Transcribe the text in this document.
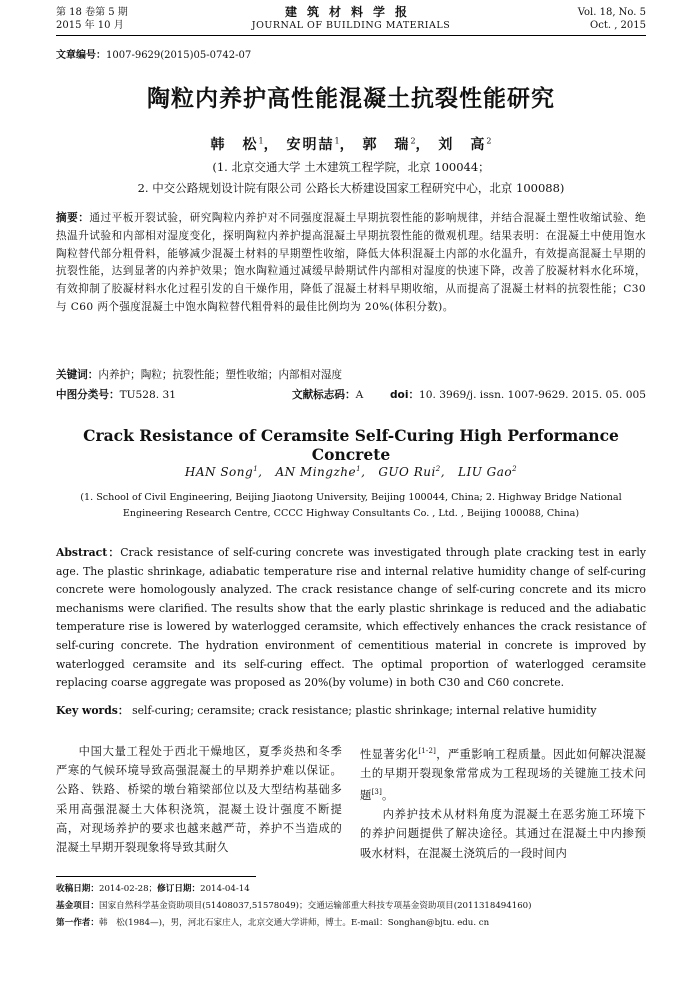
第 18 卷第 5 期
2015 年 10 月
建筑材料学报
JOURNAL OF BUILDING MATERIALS
Vol. 18, No. 5
Oct. , 2015
文章编号：1007-9629(2015)05-0742-07
陶粒内养护高性能混凝土抗裂性能研究
韩　松$^1$， 安明喆$^1$， 郭　瑞$^2$， 刘　高$^2$
(1. 北京交通大学 土木建筑工程学院，北京 100044；
2. 中交公路规划设计院有限公司 公路长大桥建设国家工程研究中心，北京 100088)
摘要：通过平板开裂试验，研究陶粒内养护对不同强度混凝土早期抗裂性能的影响规律，并结合混凝土塑性收缩试验、绝热温升试验和内部相对湿度变化，探明陶粒内养护提高混凝土早期抗裂性能的微观机理。结果表明：在混凝土中使用饱水陶粒替代部分粗骨料，能够减少混凝土材料的早期塑性收缩，降低大体积混凝土内部的水化温升，有效提高混凝土早期的抗裂性能，达到显著的内养护效果；饱水陶粒通过减缓早龄期试件内部相对湿度的快速下降，改善了胶凝材料水化环境，有效抑制了胶凝材料水化过程引发的自干燥作用，降低了混凝土材料早期收缩，从而提高了混凝土材料的抗裂性能；C30 与 C60 两个强度混凝土中饱水陶粒替代粗骨料的最佳比例均为 20%(体积分数)。
关键词：内养护；陶粒；抗裂性能；塑性收缩；内部相对湿度
中图分类号：TU528. 31	文献标志码：A	doi：10. 3969/j. issn. 1007-9629. 2015. 05. 005
Crack Resistance of Ceramsite Self-Curing High Performance Concrete
HAN Song$^1$,   AN Mingzhe$^1$,   GUO Rui$^2$,   LIU Gao$^2$
(1. School of Civil Engineering, Beijing Jiaotong University, Beijing 100044, China; 2. Highway Bridge National
Engineering Research Centre, CCCC Highway Consultants Co. , Ltd. , Beijing 100088, China)
Abstract：Crack resistance of self-curing concrete was investigated through plate cracking test in early age. The plastic shrinkage, adiabatic temperature rise and internal relative humidity change of self-curing concrete were homologously analyzed. The crack resistance change of self-curing concrete and its micro mechanisms were clarified. The results show that the early plastic shrinkage is reduced and the adiabatic temperature rise is lowered by waterlogged ceramsite, which effectively enhances the crack resistance of self-curing concrete. The hydration environment of cementitious material in concrete is improved by waterlogged ceramsite and its self-curing effect. The optimal proportion of waterlogged ceramsite replacing coarse aggregate was proposed as 20%(by volume) in both C30 and C60 concrete.
Key words： self-curing; ceramsite; crack resistance; plastic shrinkage; internal relative humidity

中国大量工程处于西北干燥地区，夏季炎热和冬季严寒的气候环境导致高强混凝土的早期养护难以保证。公路、铁路、桥梁的墩台箱梁部位以及大型结构基础多采用高强混凝土大体积浇筑，混凝土设计强度不断提高，对现场养护的要求也越来越严苛，养护不当造成的混凝土早期开裂现象将导致其耐久

性显著劣化[1-2]，严重影响工程质量。因此如何解决混凝土的早期开裂现象常常成为工程现场的关键施工技术问题[3]。

内养护技术从材料角度为混凝土在恶劣施工环境下的养护问题提供了解决途径。其通过在混凝土中内掺预吸水材料，在混凝土浇筑后的一段时间内

收稿日期：2014-02-28；修订日期：2014-04-14
基金项目：国家自然科学基金资助项目(51408037,51578049)；交通运输部重大科技专项基金资助项目(2011318494160)
第一作者：韩　松(1984—)，男，河北石家庄人，北京交通大学讲师，博士。E-mail：Songhan@bjtu. edu. cn
